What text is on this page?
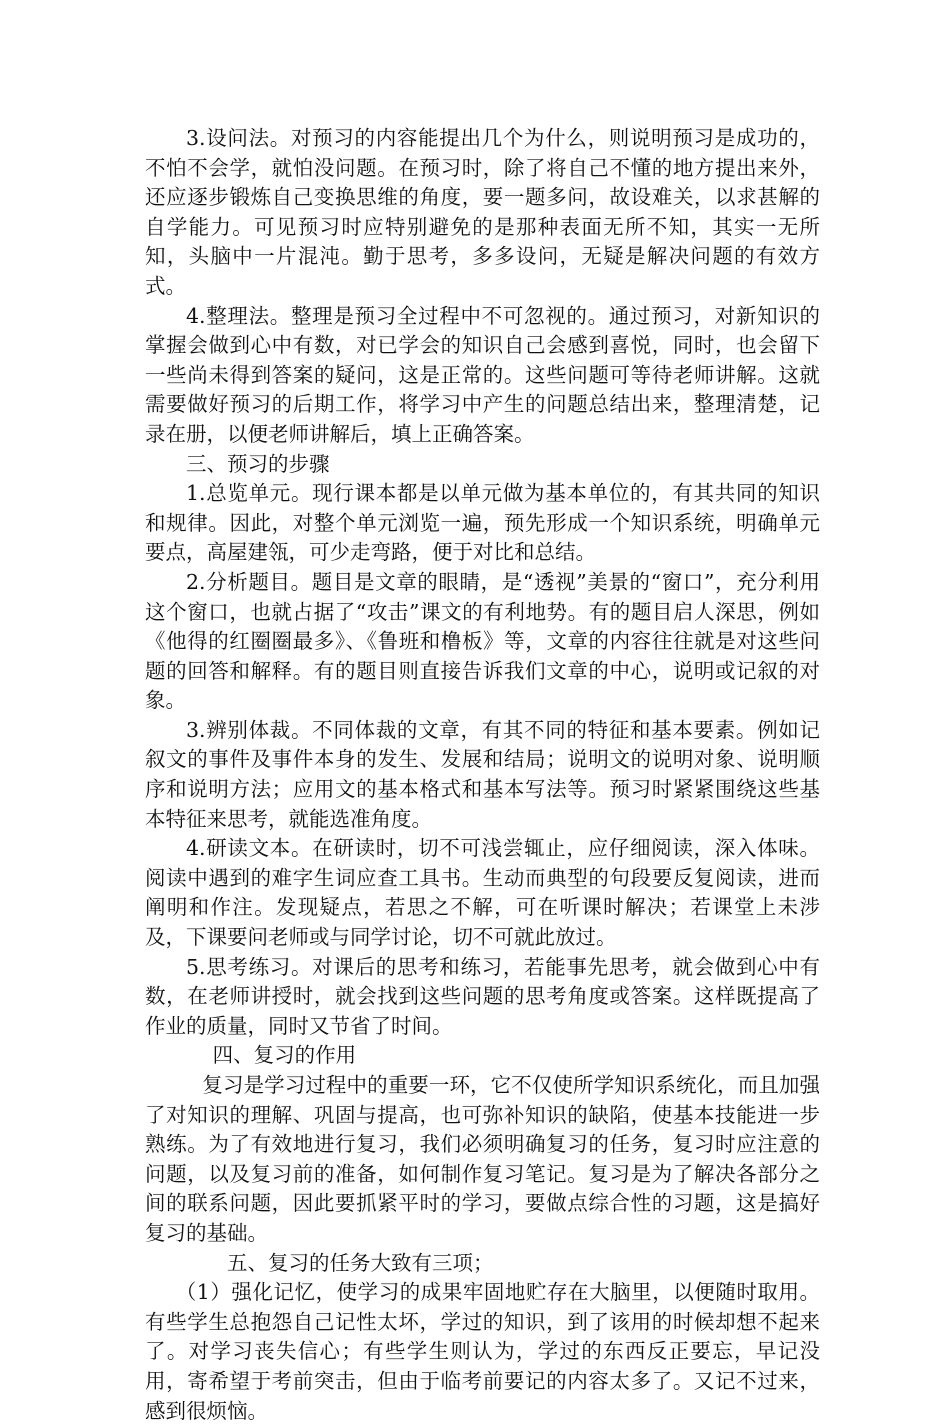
3.设问法。对预习的内容能提出几个为什么，则说明预习是成功的，不怕不会学，就怕没问题。在预习时，除了将自己不懂的地方提出来外，还应逐步锻炼自己变换思维的角度，要一题多问，故设难关，以求甚解的自学能力。可见预习时应特别避免的是那种表面无所不知，其实一无所知，头脑中一片混沌。勤于思考，多多设问，无疑是解决问题的有效方式。

4.整理法。整理是预习全过程中不可忽视的。通过预习，对新知识的掌握会做到心中有数，对已学会的知识自己会感到喜悦，同时，也会留下一些尚未得到答案的疑问，这是正常的。这些问题可等待老师讲解。这就需要做好预习的后期工作，将学习中产生的问题总结出来，整理清楚，记录在册，以便老师讲解后，填上正确答案。

三、预习的步骤

1.总览单元。现行课本都是以单元做为基本单位的，有其共同的知识和规律。因此，对整个单元浏览一遍，预先形成一个知识系统，明确单元要点，高屋建瓴，可少走弯路，便于对比和总结。

2.分析题目。题目是文章的眼睛，是“透视”美景的“窗口”，充分利用这个窗口，也就占据了“攻击”课文的有利地势。有的题目启人深思，例如《他得的红圈圈最多》、《鲁班和橹板》等，文章的内容往往就是对这些问题的回答和解释。有的题目则直接告诉我们文章的中心，说明或记叙的对象。

3.辨别体裁。不同体裁的文章，有其不同的特征和基本要素。例如记叙文的事件及事件本身的发生、发展和结局；说明文的说明对象、说明顺序和说明方法；应用文的基本格式和基本写法等。预习时紧紧围绕这些基本特征来思考，就能选准角度。

4.研读文本。在研读时，切不可浅尝辄止，应仔细阅读，深入体味。阅读中遇到的难字生词应查工具书。生动而典型的句段要反复阅读，进而阐明和作注。发现疑点，若思之不解，可在听课时解决；若课堂上未涉及，下课要问老师或与同学讨论，切不可就此放过。

5.思考练习。对课后的思考和练习，若能事先思考，就会做到心中有数，在老师讲授时，就会找到这些问题的思考角度或答案。这样既提高了作业的质量，同时又节省了时间。

四、复习的作用

复习是学习过程中的重要一环，它不仅使所学知识系统化，而且加强了对知识的理解、巩固与提高，也可弥补知识的缺陷，使基本技能进一步熟练。为了有效地进行复习，我们必须明确复习的任务，复习时应注意的问题，以及复习前的准备，如何制作复习笔记。复习是为了解决各部分之间的联系问题，因此要抓紧平时的学习，要做点综合性的习题，这是搞好复习的基础。

五、复习的任务大致有三项；

（1）强化记忆，使学习的成果牢固地贮存在大脑里，以便随时取用。有些学生总抱怨自己记性太坏，学过的知识，到了该用的时候却想不起来了。对学习丧失信心；有些学生则认为，学过的东西反正要忘，早记没用，寄希望于考前突击，但由于临考前要记的内容太多了。又记不过来，感到很烦恼。
